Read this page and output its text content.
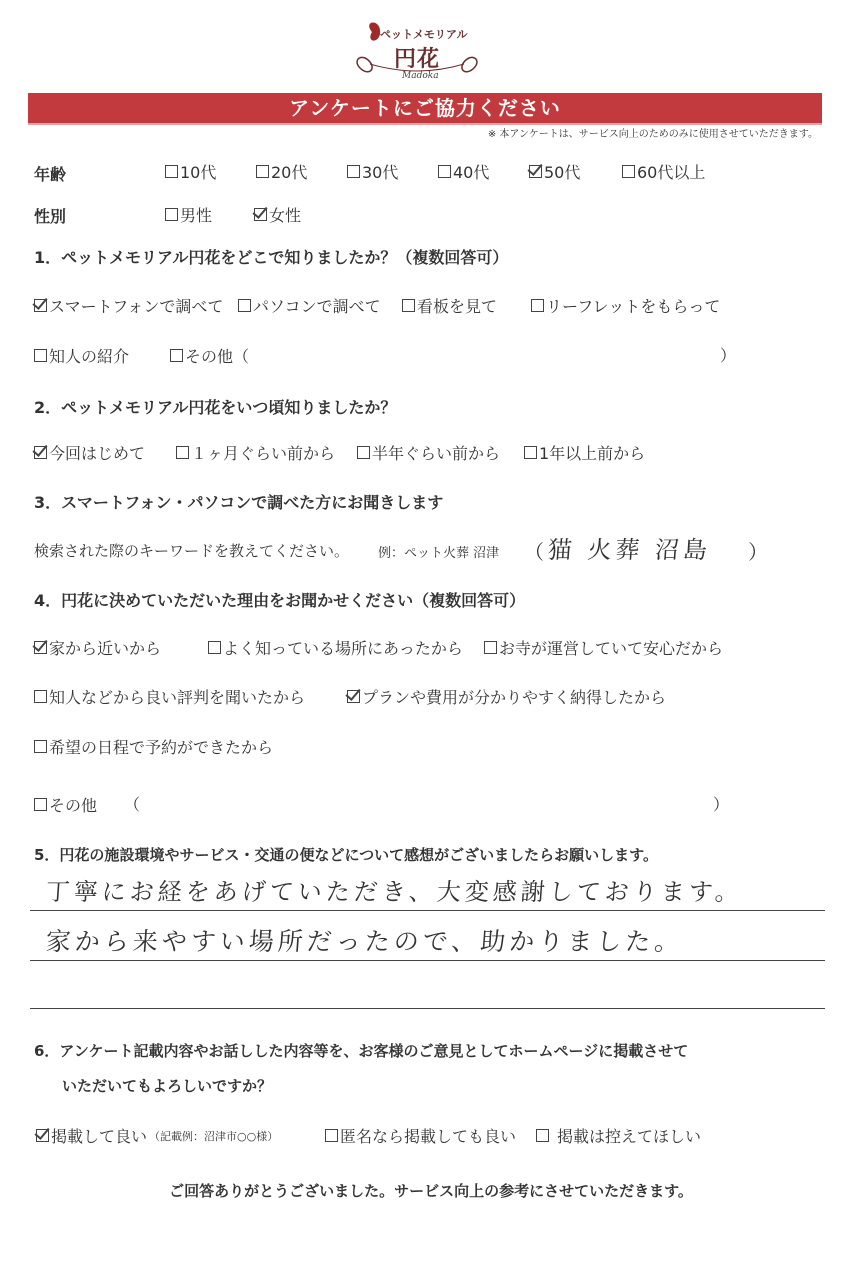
ペットメモリアル
円花
Madoka
アンケートにご協力ください
※ 本アンケートは、サービス向上のためのみに使用させていただきます。
年齢	10代	20代	30代	40代	50代	60代以上
性別	男性	女性
1．ペットメモリアル円花をどこで知りましたか？（複数回答可）
スマートフォンで調べて パソコンで調べて 看板を見て	リーフレットをもらって
知人の紹介	その他（	）
2．ペットメモリアル円花をいつ頃知りましたか？
今回はじめて	１ヶ月ぐらい前から 半年ぐらい前から 1年以上前から
3．スマートフォン・パソコンで調べた方にお聞きします
検索された際のキーワードを教えてください。 例：ペット火葬 沼津 （ 猫 火葬 沼島 ）
4．円花に決めていただいた理由をお聞かせください（複数回答可）
家から近いから	よく知っている場所にあったから お寺が運営していて安心だから
知人などから良い評判を聞いたから	プランや費用が分かりやすく納得したから
希望の日程で予約ができたから
その他 （	）
5．円花の施設環境やサービス・交通の便などについて感想がございましたらお願いします。
丁寧にお経をあげていただき、大変感謝しております。
家から来やすい場所だったので、助かりました。
6．アンケート記載内容やお話しした内容等を、お客様のご意見としてホームページに掲載させて
いただいてもよろしいですか？
掲載して良い （記載例：沼津市○○様）	匿名なら掲載しても良い	掲載は控えてほしい
ご回答ありがとうございました。サービス向上の参考にさせていただきます。
